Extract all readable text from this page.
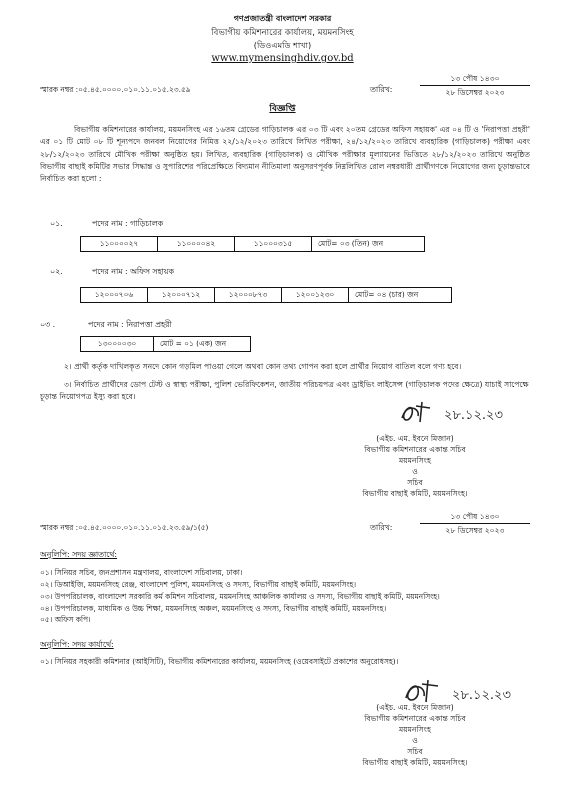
গণপ্রজাতন্ত্রী বাংলাদেশ সরকার
বিভাগীয় কমিশনারের কার্যালয়, ময়মনসিংহ
(ডিওএমডি শাখা)
www.mymensinghdiv.gov.bd
স্মারক নম্বর :০৫.৪৫.০০০০.০১০.১১.০১৫.২৩.৫৯	তারিখ:
১৩ পৌষ ১৪৩০
২৮ ডিসেম্বর ২০২৩
বিজ্ঞপ্তি
বিভাগীয় কমিশনারের কার্যালয়, ময়মনসিংহ এর ১৬তম গ্রেডের গাড়িচালক এর ০৩ টি এবং ২০তম গ্রেডের অফিস সহায়ক' এর ০৪ টি ও 'নিরাপত্তা প্রহরী' এর ০১ টি মোট ০৮ টি শূন্যপদে জনবল নিয়োগের নিমিত্ত ২২/১২/২০২৩ তারিখে লিখিত পরীক্ষা, ২৪/১২/২০২৩ তারিখে ব্যবহারিক (গাড়িচালক) পরীক্ষা এবং ২৮/১২/২০২৩ তারিখে মৌখিক পরীক্ষা অনুষ্ঠিত হয়। লিখিত, ব্যবহারিক (গাড়িচালক) ও মৌখিক পরীক্ষার মূল্যায়নের ভিত্তিতে ২৮/১২/২০২৩ তারিখে অনুষ্ঠিত বিভাগীয় বাছাই কমিটির সভার সিদ্ধান্ত ও সুপারিশের পরিপ্রেক্ষিতে বিদ্যমান নীতিমালা অনুসরণপূর্বক নিম্নলিখিত রোল নম্বরধারী প্রার্থীগণকে নিয়োগের জন্য চূড়ান্তভাবে নির্বাচিত করা হলো :
০১.	পদের নাম : গাড়িচালক
১১০০০০২৭	১১০০০০৪২	১১০০০৩১৫	মোট= ০৩ (তিন) জন
০২.	পদের নাম : অফিস সহায়ক
১২০০০৭০৬	১২০০০৭১২	১২০০০৮৭৩	১২০০১২৩০	মোট= ০৪ (চার) জন
০৩ .	পদের নাম : নিরাপত্তা প্রহরী
১৩০০০০৩০	মোট = ০১ (এক) জন
২। প্রার্থী কর্তৃক দাখিলকৃত সনদে কোন গড়মিল পাওয়া গেলে অথবা কোন তথ্য গোপন করা হলে প্রার্থীর নিয়োগ বাতিল বলে গণ্য হবে।
৩। নির্বাচিত প্রার্থীদের ডোপ টেস্ট ও স্বাস্থ্য পরীক্ষা, পুলিশ ভেরিফিকেশন, জাতীয় পরিচয়পত্র এবং ড্রাইভিং লাইসেন্স (গাড়িচালক পদের ক্ষেত্রে) যাচাই সাপেক্ষে চূড়ান্ত নিয়োগপত্র ইস্যু করা হবে।
২৮.১২.২৩
(এইচ. এম. ইবনে মিজান)
বিভাগীয় কমিশনারের একান্ত সচিব
ময়মনসিংহ
ও
সচিব
বিভাগীয় বাছাই কমিটি, ময়মনসিংহ।
স্মারক নম্বর :০৫.৪৫.০০০০.০১০.১১.০১৫.২৩.৫৯/১(৫)	তারিখ:
১৩ পৌষ ১৪৩০
২৮ ডিসেম্বর ২০২৩
অনুলিপি: সদয় জ্ঞাতার্থে:
০১। সিনিয়র সচিব, জনপ্রশাসন মন্ত্রণালয়, বাংলাদেশ সচিবালয়, ঢাকা।
০২। ডিআইজি, ময়মনসিংহ রেঞ্জ, বাংলাদেশ পুলিশ, ময়মনসিংহ ও সদস্য, বিভাগীয় বাছাই কমিটি, ময়মনসিংহ।
০৩। উপপরিচালক, বাংলাদেশ সরকারি কর্ম কমিশন সচিবালয়, ময়মনসিংহ আঞ্চলিক কার্যালয় ও সদস্য, বিভাগীয় বাছাই কমিটি, ময়মনসিংহ।
০৪। উপপরিচালক, মাধ্যমিক ও উচ্চ শিক্ষা, ময়মনসিংহ অঞ্চল, ময়মনসিংহ ও সদস্য, বিভাগীয় বাছাই কমিটি, ময়মনসিংহ।
০৫। অফিস কপি।
অনুলিপি: সদয় কার্যার্থে:
০১। সিনিয়র সহকারী কমিশনার (আইসিটি), বিভাগীয় কমিশনারের কার্যালয়, ময়মনসিংহ (ওয়েবসাইটে প্রকাশের অনুরোধসহ)।
২৮.১২.২৩
(এইচ. এম. ইবনে মিজান)
বিভাগীয় কমিশনারের একান্ত সচিব
ময়মনসিংহ
ও
সচিব
বিভাগীয় বাছাই কমিটি, ময়মনসিংহ।
